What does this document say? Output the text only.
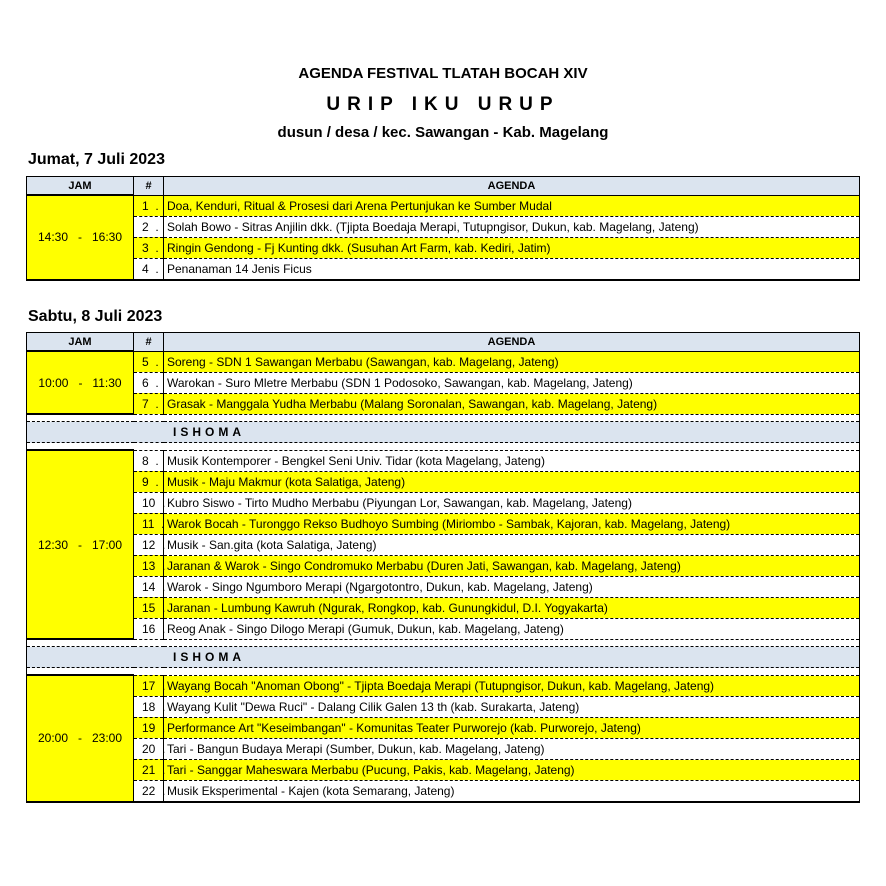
AGENDA FESTIVAL TLATAH BOCAH XIV
URIP IKU URUP
dusun / desa / kec. Sawangan - Kab. Magelang
Jumat, 7 Juli 2023
JAM	#	AGENDA
14:30   -   16:30	1  .	Doa, Kenduri, Ritual & Prosesi dari Arena Pertunjukan ke Sumber Mudal
	2  .	Solah Bowo - Sitras Anjilin dkk. (Tjipta Boedaja Merapi, Tutupngisor, Dukun, kab. Magelang, Jateng)
	3  .	Ringin Gendong - Fj Kunting dkk. (Susuhan Art Farm, kab. Kediri, Jatim)
	4  .	Penanaman 14 Jenis Ficus
Sabtu, 8 Juli 2023
JAM	#	AGENDA
10:00   -   11:30	5  .	Soreng - SDN 1 Sawangan Merbabu (Sawangan, kab. Magelang, Jateng)
	6  .	Warokan - Suro Mletre Merbabu (SDN 1 Podosoko, Sawangan, kab. Magelang, Jateng)
	7  .	Grasak - Manggala Yudha Merbabu (Malang Soronalan, Sawangan, kab. Magelang, Jateng)

ISHOMA		

12:30   -   17:00	8  .	Musik Kontemporer - Bengkel Seni Univ. Tidar (kota Magelang, Jateng)
	9  .	Musik - Maju Makmur (kota Salatiga, Jateng)
	10  .	Kubro Siswo - Tirto Mudho Merbabu (Piyungan Lor, Sawangan, kab. Magelang, Jateng)
	11  .	Warok Bocah - Turonggo Rekso Budhoyo Sumbing (Miriombo - Sambak, Kajoran, kab. Magelang, Jateng)
	12  .	Musik - San.gita (kota Salatiga, Jateng)
	13  .	Jaranan & Warok - Singo Condromuko Merbabu (Duren Jati, Sawangan, kab. Magelang, Jateng)
	14  .	Warok - Singo Ngumboro Merapi (Ngargotontro, Dukun, kab. Magelang, Jateng)
	15  .	Jaranan - Lumbung Kawruh (Ngurak, Rongkop, kab. Gunungkidul, D.I. Yogyakarta)
	16  .	Reog Anak - Singo Dilogo Merapi (Gumuk, Dukun, kab. Magelang, Jateng)

ISHOMA		

20:00   -   23:00	17  .	Wayang Bocah "Anoman Obong" - Tjipta Boedaja Merapi (Tutupngisor, Dukun, kab. Magelang, Jateng)
	18  .	Wayang Kulit "Dewa Ruci" - Dalang Cilik Galen 13 th (kab. Surakarta, Jateng)
	19  .	Performance Art "Keseimbangan" - Komunitas Teater Purworejo (kab. Purworejo, Jateng)
	20  .	Tari - Bangun Budaya Merapi (Sumber, Dukun, kab. Magelang, Jateng)
	21  .	Tari - Sanggar Maheswara Merbabu (Pucung, Pakis, kab. Magelang, Jateng)
	22  .	Musik Eksperimental - Kajen (kota Semarang, Jateng)
